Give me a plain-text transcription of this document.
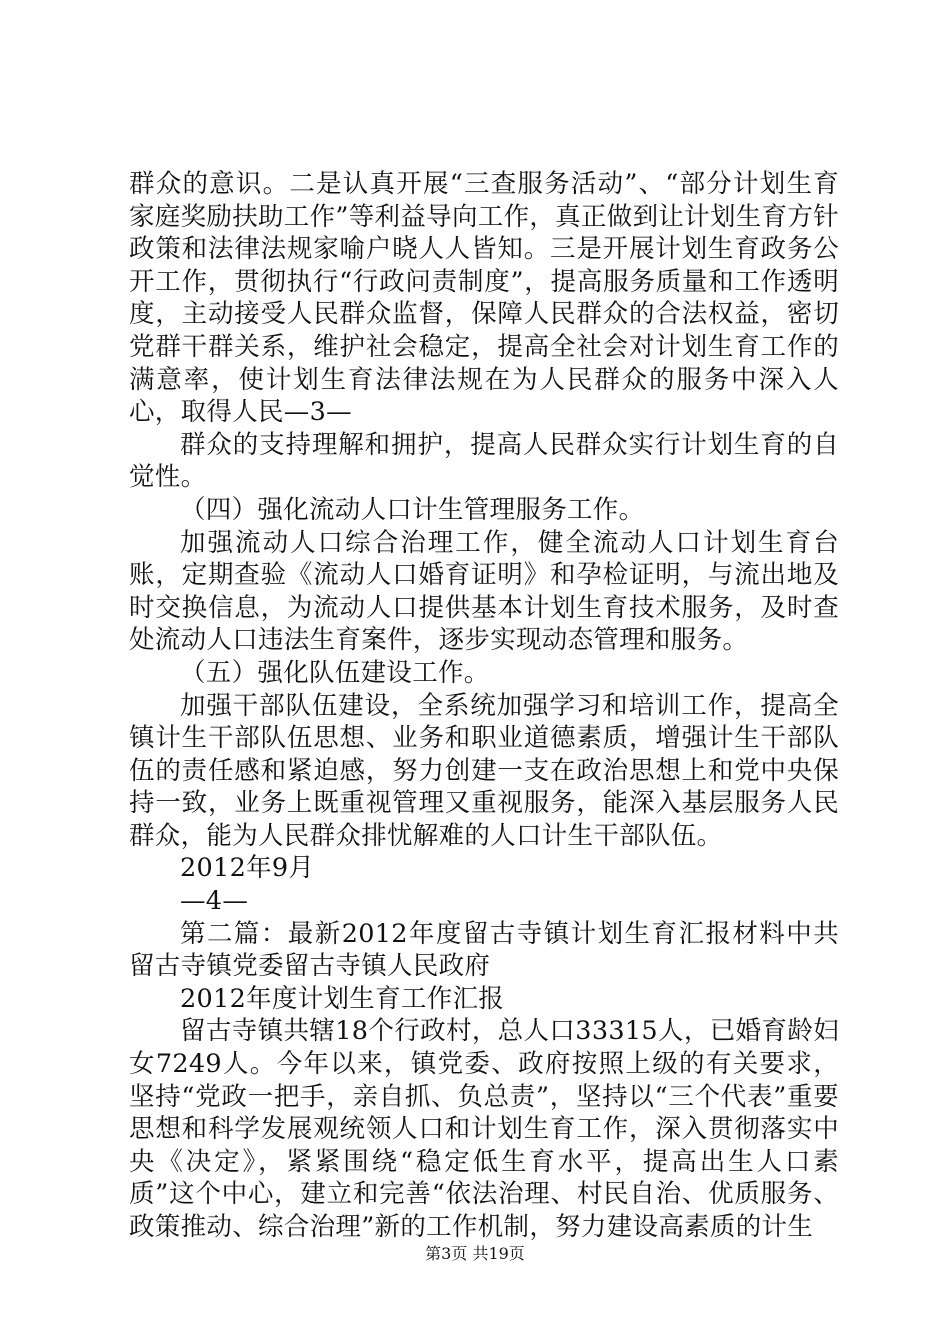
群众的意识。二是认真开展“三查服务活动”、“部分计划生育家庭奖励扶助工作”等利益导向工作，真正做到让计划生育方针政策和法律法规家喻户晓人人皆知。三是开展计划生育政务公开工作，贯彻执行“行政问责制度”，提高服务质量和工作透明度，主动接受人民群众监督，保障人民群众的合法权益，密切党群干群关系，维护社会稳定，提高全社会对计划生育工作的满意率，使计划生育法律法规在为人民群众的服务中深入人心，取得人民—3—

群众的支持理解和拥护，提高人民群众实行计划生育的自觉性。

（四）强化流动人口计生管理服务工作。

加强流动人口综合治理工作，健全流动人口计划生育台账，定期查验《流动人口婚育证明》和孕检证明，与流出地及时交换信息，为流动人口提供基本计划生育技术服务，及时查处流动人口违法生育案件，逐步实现动态管理和服务。

（五）强化队伍建设工作。

加强干部队伍建设，全系统加强学习和培训工作，提高全镇计生干部队伍思想、业务和职业道德素质，增强计生干部队伍的责任感和紧迫感，努力创建一支在政治思想上和党中央保持一致，业务上既重视管理又重视服务，能深入基层服务人民群众，能为人民群众排忧解难的人口计生干部队伍。

2012年9月

—4—

第二篇：最新2012年度留古寺镇计划生育汇报材料中共留古寺镇党委留古寺镇人民政府

2012年度计划生育工作汇报

留古寺镇共辖18个行政村，总人口33315人，已婚育龄妇女7249人。今年以来，镇党委、政府按照上级的有关要求，坚持“党政一把手，亲自抓、负总责”，坚持以“三个代表”重要思想和科学发展观统领人口和计划生育工作，深入贯彻落实中央《决定》，紧紧围绕“稳定低生育水平，提高出生人口素质”这个中心，建立和完善“依法治理、村民自治、优质服务、政策推动、综合治理”新的工作机制，努力建设高素质的计生

第3页 共19页
